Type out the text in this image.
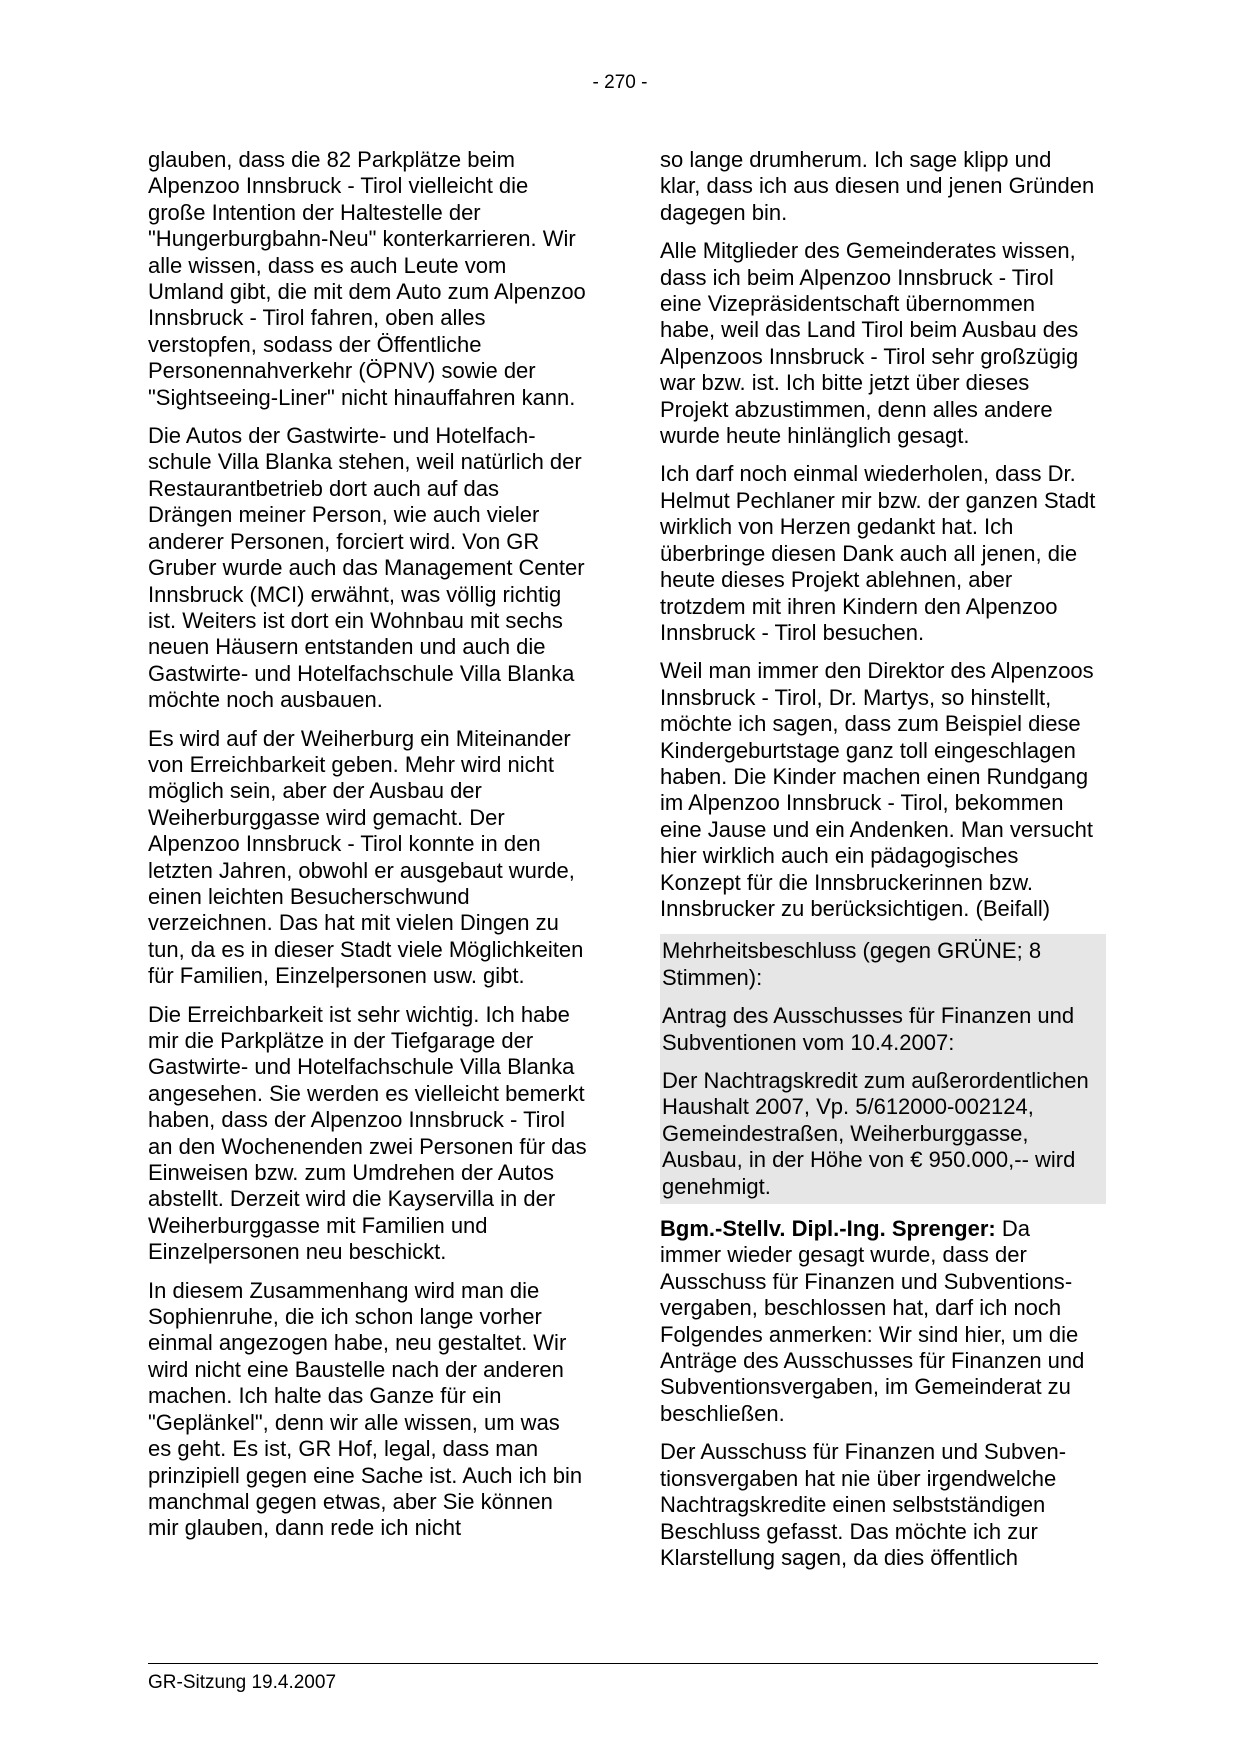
- 270 -

glauben, dass die 82 Parkplätze beim Alpenzoo Innsbruck - Tirol vielleicht die große Intention der Haltestelle der "Hungerburgbahn-Neu" konterkarrieren. Wir alle wissen, dass es auch Leute vom Umland gibt, die mit dem Auto zum Alpenzoo Innsbruck - Tirol fahren, oben alles verstopfen, sodass der Öffentliche Personennahverkehr (ÖPNV) sowie der "Sightseeing-Liner" nicht hinauffahren kann.

Die Autos der Gastwirte- und Hotelfachschule Villa Blanka stehen, weil natürlich der Restaurantbetrieb dort auch auf das Drängen meiner Person, wie auch vieler anderer Personen, forciert wird. Von GR Gruber wurde auch das Management Center Innsbruck (MCI) erwähnt, was völlig richtig ist. Weiters ist dort ein Wohnbau mit sechs neuen Häusern entstanden und auch die Gastwirte- und Hotelfachschule Villa Blanka möchte noch ausbauen.

Es wird auf der Weiherburg ein Miteinander von Erreichbarkeit geben. Mehr wird nicht möglich sein, aber der Ausbau der Weiherburggasse wird gemacht. Der Alpenzoo Innsbruck - Tirol konnte in den letzten Jahren, obwohl er ausgebaut wurde, einen leichten Besucherschwund verzeichnen. Das hat mit vielen Dingen zu tun, da es in dieser Stadt viele Möglichkeiten für Familien, Einzelpersonen usw. gibt.

Die Erreichbarkeit ist sehr wichtig. Ich habe mir die Parkplätze in der Tiefgarage der Gastwirte- und Hotelfachschule Villa Blanka angesehen. Sie werden es vielleicht bemerkt haben, dass der Alpenzoo Innsbruck - Tirol an den Wochenenden zwei Personen für das Einweisen bzw. zum Umdrehen der Autos abstellt. Derzeit wird die Kayservilla in der Weiherburggasse mit Familien und Einzelpersonen neu beschickt.

In diesem Zusammenhang wird man die Sophienruhe, die ich schon lange vorher einmal angezogen habe, neu gestaltet. Wir wird nicht eine Baustelle nach der anderen machen. Ich halte das Ganze für ein "Geplänkel", denn wir alle wissen, um was es geht. Es ist, GR Hof, legal, dass man prinzipiell gegen eine Sache ist. Auch ich bin manchmal gegen etwas, aber Sie können mir glauben, dann rede ich nicht

so lange drumherum. Ich sage klipp und klar, dass ich aus diesen und jenen Gründen dagegen bin.

Alle Mitglieder des Gemeinderates wissen, dass ich beim Alpenzoo Innsbruck - Tirol eine Vizepräsidentschaft übernommen habe, weil das Land Tirol beim Ausbau des Alpenzoos Innsbruck - Tirol sehr großzügig war bzw. ist. Ich bitte jetzt über dieses Projekt abzustimmen, denn alles andere wurde heute hinlänglich gesagt.

Ich darf noch einmal wiederholen, dass Dr. Helmut Pechlaner mir bzw. der ganzen Stadt wirklich von Herzen gedankt hat. Ich überbringe diesen Dank auch all jenen, die heute dieses Projekt ablehnen, aber trotzdem mit ihren Kindern den Alpenzoo Innsbruck - Tirol besuchen.

Weil man immer den Direktor des Alpenzoos Innsbruck - Tirol, Dr. Martys, so hinstellt, möchte ich sagen, dass zum Beispiel diese Kindergeburtstage ganz toll eingeschlagen haben. Die Kinder machen einen Rundgang im Alpenzoo Innsbruck - Tirol, bekommen eine Jause und ein Andenken. Man versucht hier wirklich auch ein pädagogisches Konzept für die Innsbruckerinnen bzw. Innsbrucker zu berücksichtigen. (Beifall)

Mehrheitsbeschluss (gegen GRÜNE; 8 Stimmen):

Antrag des Ausschusses für Finanzen und Subventionen vom 10.4.2007:

Der Nachtragskredit zum außerordentlichen Haushalt 2007, Vp. 5/612000-002124, Gemeindestraßen, Weiherburggasse, Ausbau, in der Höhe von € 950.000,-- wird genehmigt.

Bgm.-Stellv. Dipl.-Ing. Sprenger: Da immer wieder gesagt wurde, dass der Ausschuss für Finanzen und Subventionsvergaben, beschlossen hat, darf ich noch Folgendes anmerken: Wir sind hier, um die Anträge des Ausschusses für Finanzen und Subventionsvergaben, im Gemeinderat zu beschließen.

Der Ausschuss für Finanzen und Subventionsvergaben hat nie über irgendwelche Nachtragskredite einen selbstständigen Beschluss gefasst. Das möchte ich zur Klarstellung sagen, da dies öffentlich

GR-Sitzung 19.4.2007
